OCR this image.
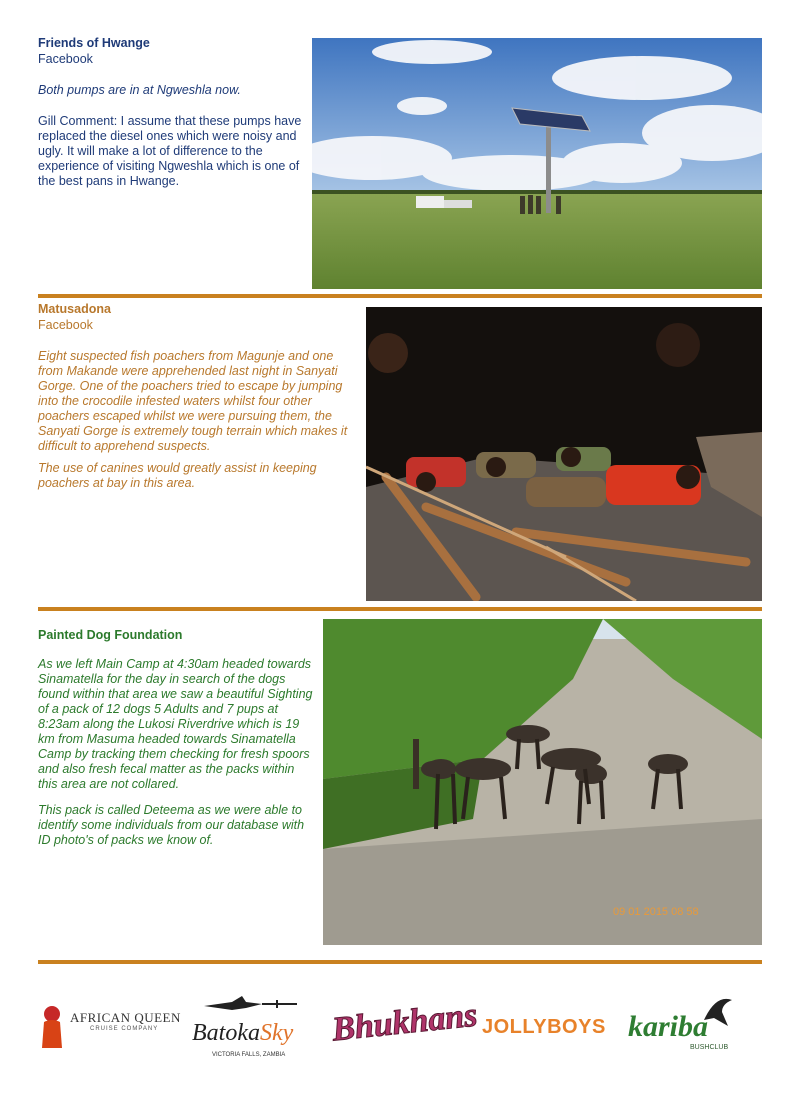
Friends of Hwange
Facebook
Both pumps are in at Ngweshla now.
Gill Comment: I assume that these pumps have replaced the diesel ones which were noisy and ugly. It will make a lot of difference to the experience of visiting Ngweshla which is one of the best pans in Hwange.
Matusadona
Facebook
Eight suspected fish poachers from Magunje and one from Makande were apprehended last night in Sanyati Gorge. One of the poachers tried to escape by jumping into the crocodile infested waters whilst four other poachers escaped whilst we were pursuing them, the Sanyati Gorge is extremely tough terrain which makes it difficult to apprehend suspects.
The use of canines would greatly assist in keeping poachers at bay in this area.
Painted Dog Foundation
As we left Main Camp at 4:30am headed towards Sinamatella for the day in search of the dogs found within that area we saw a beautiful Sighting of a pack of 12 dogs 5 Adults and 7 pups at 8:23am along the Lukosi Riverdrive which is 19 km from Masuma headed towards Sinamatella Camp by tracking them checking for fresh spoors and also fresh fecal matter as the packs within this area are not collared.
This pack is called Deteema as we were able to identify some individuals from our database with ID photo's of packs we know of.
09 01 2015 08 58
AFRICAN QUEEN
CRUISE COMPANY BatokaSky
VICTORIA FALLS, ZAMBIA
Bhukhans JOLLYBOYS kariba
BUSHCLUB
